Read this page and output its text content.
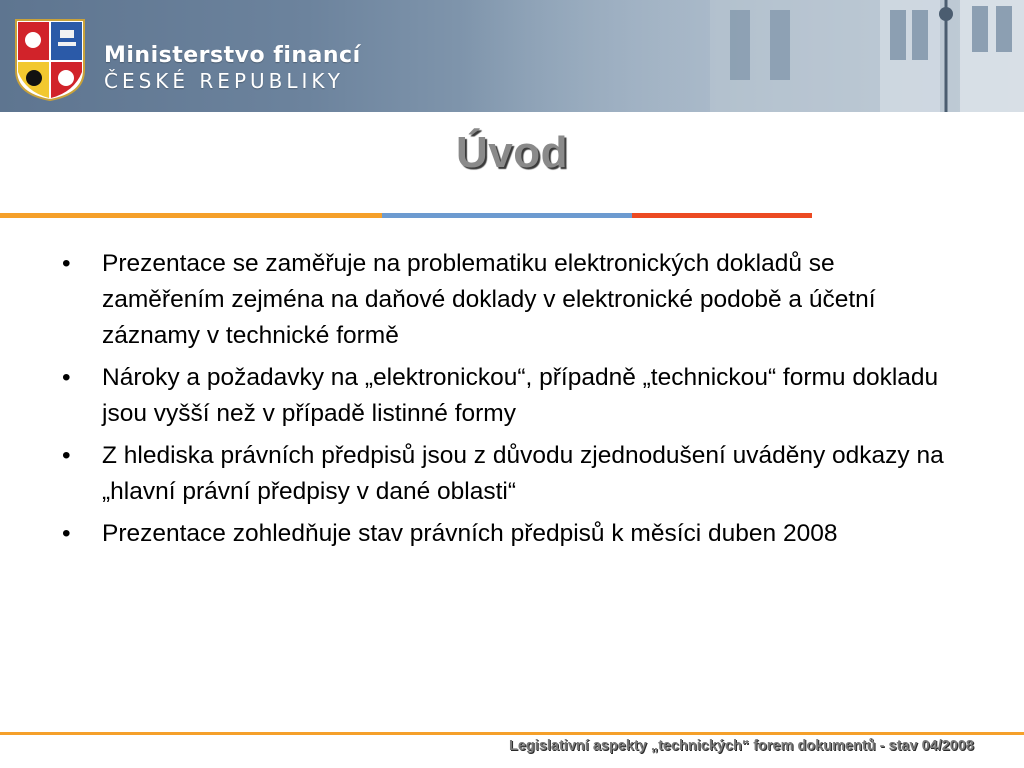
Ministerstvo financí
ČESKÉ REPUBLIKY
Úvod
• Prezentace se zaměřuje na problematiku elektronických dokladů se zaměřením zejména na daňové doklady v elektronické podobě a účetní záznamy v technické formě
• Nároky a požadavky na „elektronickou“, případně „technickou“ formu dokladu jsou vyšší než v případě listinné formy
• Z hlediska právních předpisů jsou z důvodu zjednodušení uváděny odkazy na „hlavní právní předpisy v dané oblasti“
• Prezentace zohledňuje stav právních předpisů k měsíci duben 2008
Legislativní aspekty „technických“ forem dokumentů - stav 04/2008
